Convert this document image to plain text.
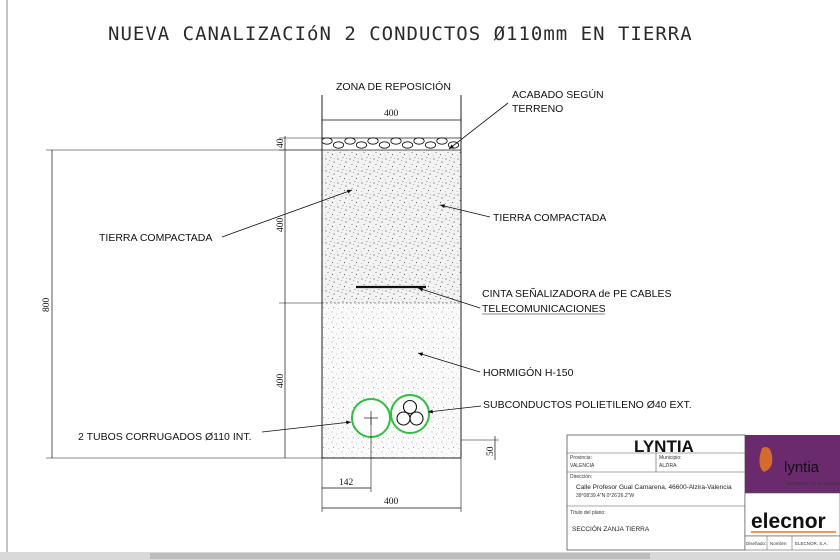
NUEVA CANALIZACIóN 2 CONDUCTOS Ø110mm EN TIERRA
ZONA DE REPOSICIÓN
400
40
400
400
800
50
142
400
ACABADO SEGÚN
TERRENO
TIERRA COMPACTADA
TIERRA COMPACTADA
CINTA SEÑALIZADORA de PE CABLES
TELECOMUNICACIONES
HORMIGÓN H-150
SUBCONDUCTOS POLIETILENO Ø40 EXT.
2 TUBOS CORRUGADOS Ø110 INT.	LYNTIA
Provincia:
VALENCIA
Municipio:
ALZIRA
Dirección:
Calle Profesor Gual Camarena, 46600-Alzira-Valencia
39°08'39.4"N 0°26'26.2"W
Título del plano:
SECCIÓN ZANJA TIERRA
lyntia
NETWORK TO BUSINESS
elecnor
Diseñado: Nombre: ELECNOR, S.A.
